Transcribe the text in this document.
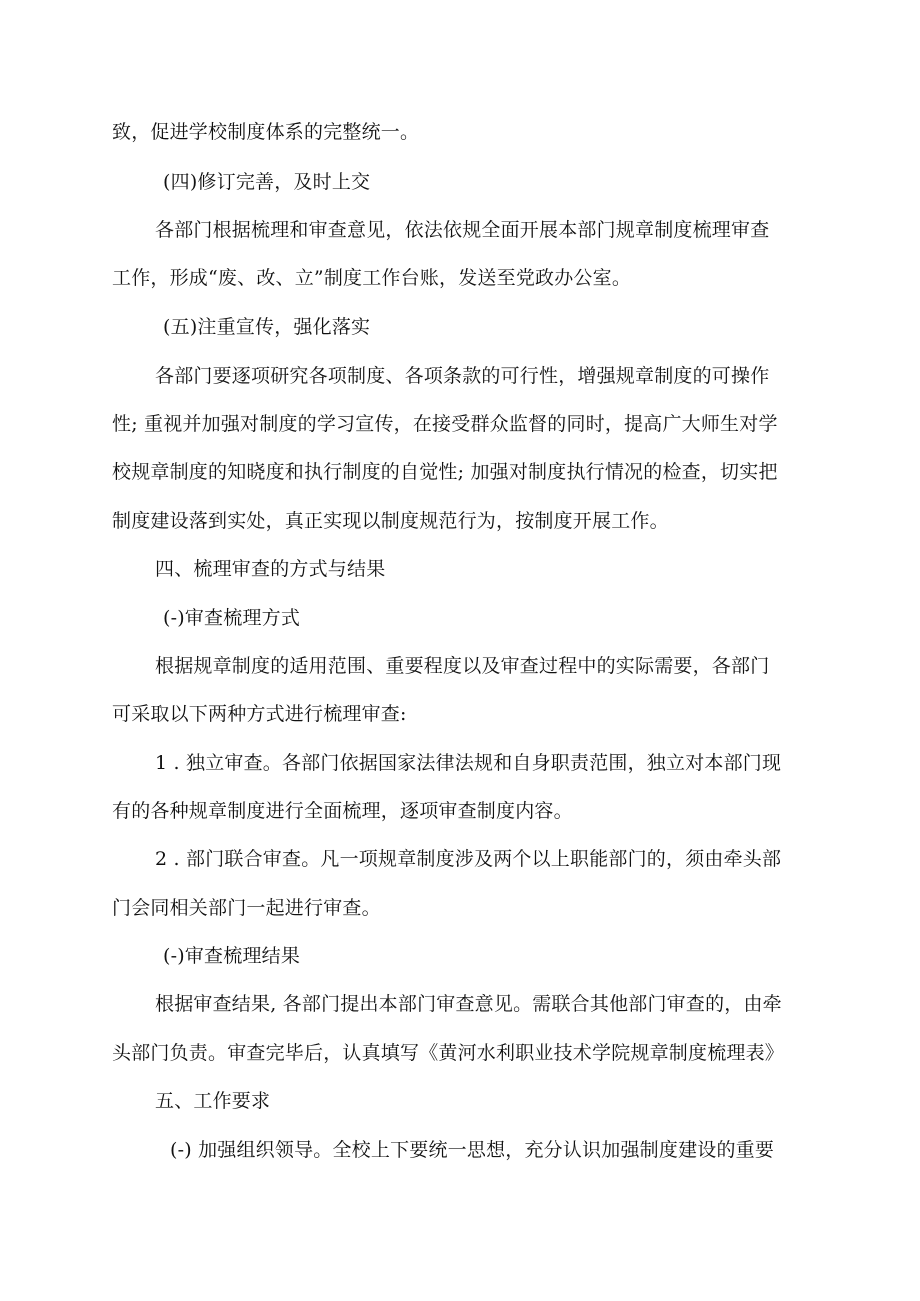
致，促进学校制度体系的完整统一。
(四)修订完善，及时上交
各部门根据梳理和审查意见，依法依规全面开展本部门规章制度梳理审查
工作，形成“废、改、立”制度工作台账，发送至党政办公室。
(五)注重宣传，强化落实
各部门要逐项研究各项制度、各项条款的可行性，增强规章制度的可操作
性; 重视并加强对制度的学习宣传，在接受群众监督的同时，提高广大师生对学
校规章制度的知晓度和执行制度的自觉性; 加强对制度执行情况的检查，切实把
制度建设落到实处，真正实现以制度规范行为，按制度开展工作。
四、梳理审查的方式与结果
(-)审查梳理方式
根据规章制度的适用范围、重要程度以及审查过程中的实际需要，各部门
可采取以下两种方式进行梳理审查:
1 . 独立审查。各部门依据国家法律法规和自身职责范围，独立对本部门现
有的各种规章制度进行全面梳理，逐项审查制度内容。
2 . 部门联合审查。凡一项规章制度涉及两个以上职能部门的，须由牵头部
门会同相关部门一起进行审查。
(-)审查梳理结果
根据审查结果, 各部门提出本部门审查意见。需联合其他部门审查的，由牵
头部门负责。审查完毕后，认真填写《黄河水利职业技术学院规章制度梳理表》
五、工作要求
(-) 加强组织领导。全校上下要统一思想，充分认识加强制度建设的重要
